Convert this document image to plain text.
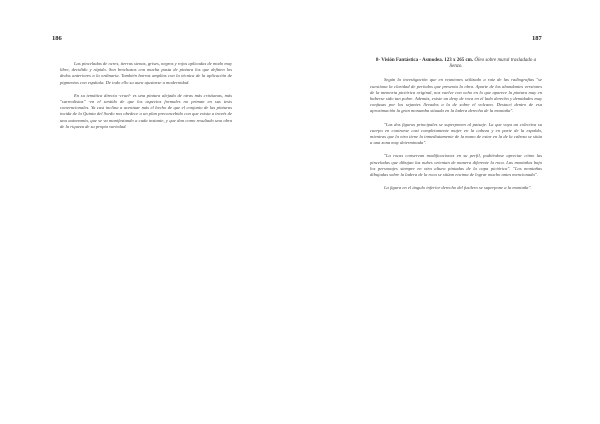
186

Las pinceladas de ocres, tierras sienas, grises, negros y rojos aplicadas de modo muy libre, decidido y rápido. Son brochazos con mucha pasta de pintura los que definen los dedos anteriores a la ordinaria. También barras amplias con la técnica de la aplicación de pigmentos con espátula. De todo ello su aura ajustarse a modernidad.

En su temática directa -cruel- es una pintura alejada de otras más cristianas, más "surrealistas" -en el sentido de que los aspectos formales no priman en sus tesis convencionales. Ya casi inclina a acentuar más el hecho de que el conjunto de las pinturas incida de la Quinta del Sordo nos obedece a un plan preconcebido con que exista a través de una autonomía, que se va manifestando a cada instante, y que dan como resultado una obra de la riqueza de su propia variedad.

187

8- Visión Fantástica - Asmodea. 123 x 265 cm. Óleo sobre mural trasladado a lienzo.

Según la investigación que en reuniones utilizado a raiz de las radiografías "se cuestiona la claridad de períodos que presenta la obra. Aparte de las abundantes versiones de la memoria pictórica original, nos vuelve con ocho en lo que aparece la pintura muy en haberse sido tan pobre. Además, existe un deny de roca en el lado derecho y demidades muy confusas por los sejantes llevados a la de sobre el volcano. Destacó dentro de esa aproximación la gran monumba situada en la ladera derecha de la montaña".

"Las dos figuras principales se superponen al paisaje. La que vaya un colectiva su cuerpo en contrarse casi completamente mujer en la cabeza y en parte de la espalda, mientras que la otra tiene la inmediatamente de la mano de estar en la de la cabeza se sitúa a una zona muy determinada".

"La rocas conservan modificaciones en su perfil, pudiéndose apreciar cómo las pinceladas que dibujan las nubes orientan de manera diferente la roca. Las montañas bajo los personajes siempre en otra altura pintadas de la capa pictórica". "Los montañas dibujadas sobre la ladera de la roca se sitúan encima de lograr mucho antes mencionada".

La figura en el ángulo inferior derecho del fusilero se superpone a la montaña".
